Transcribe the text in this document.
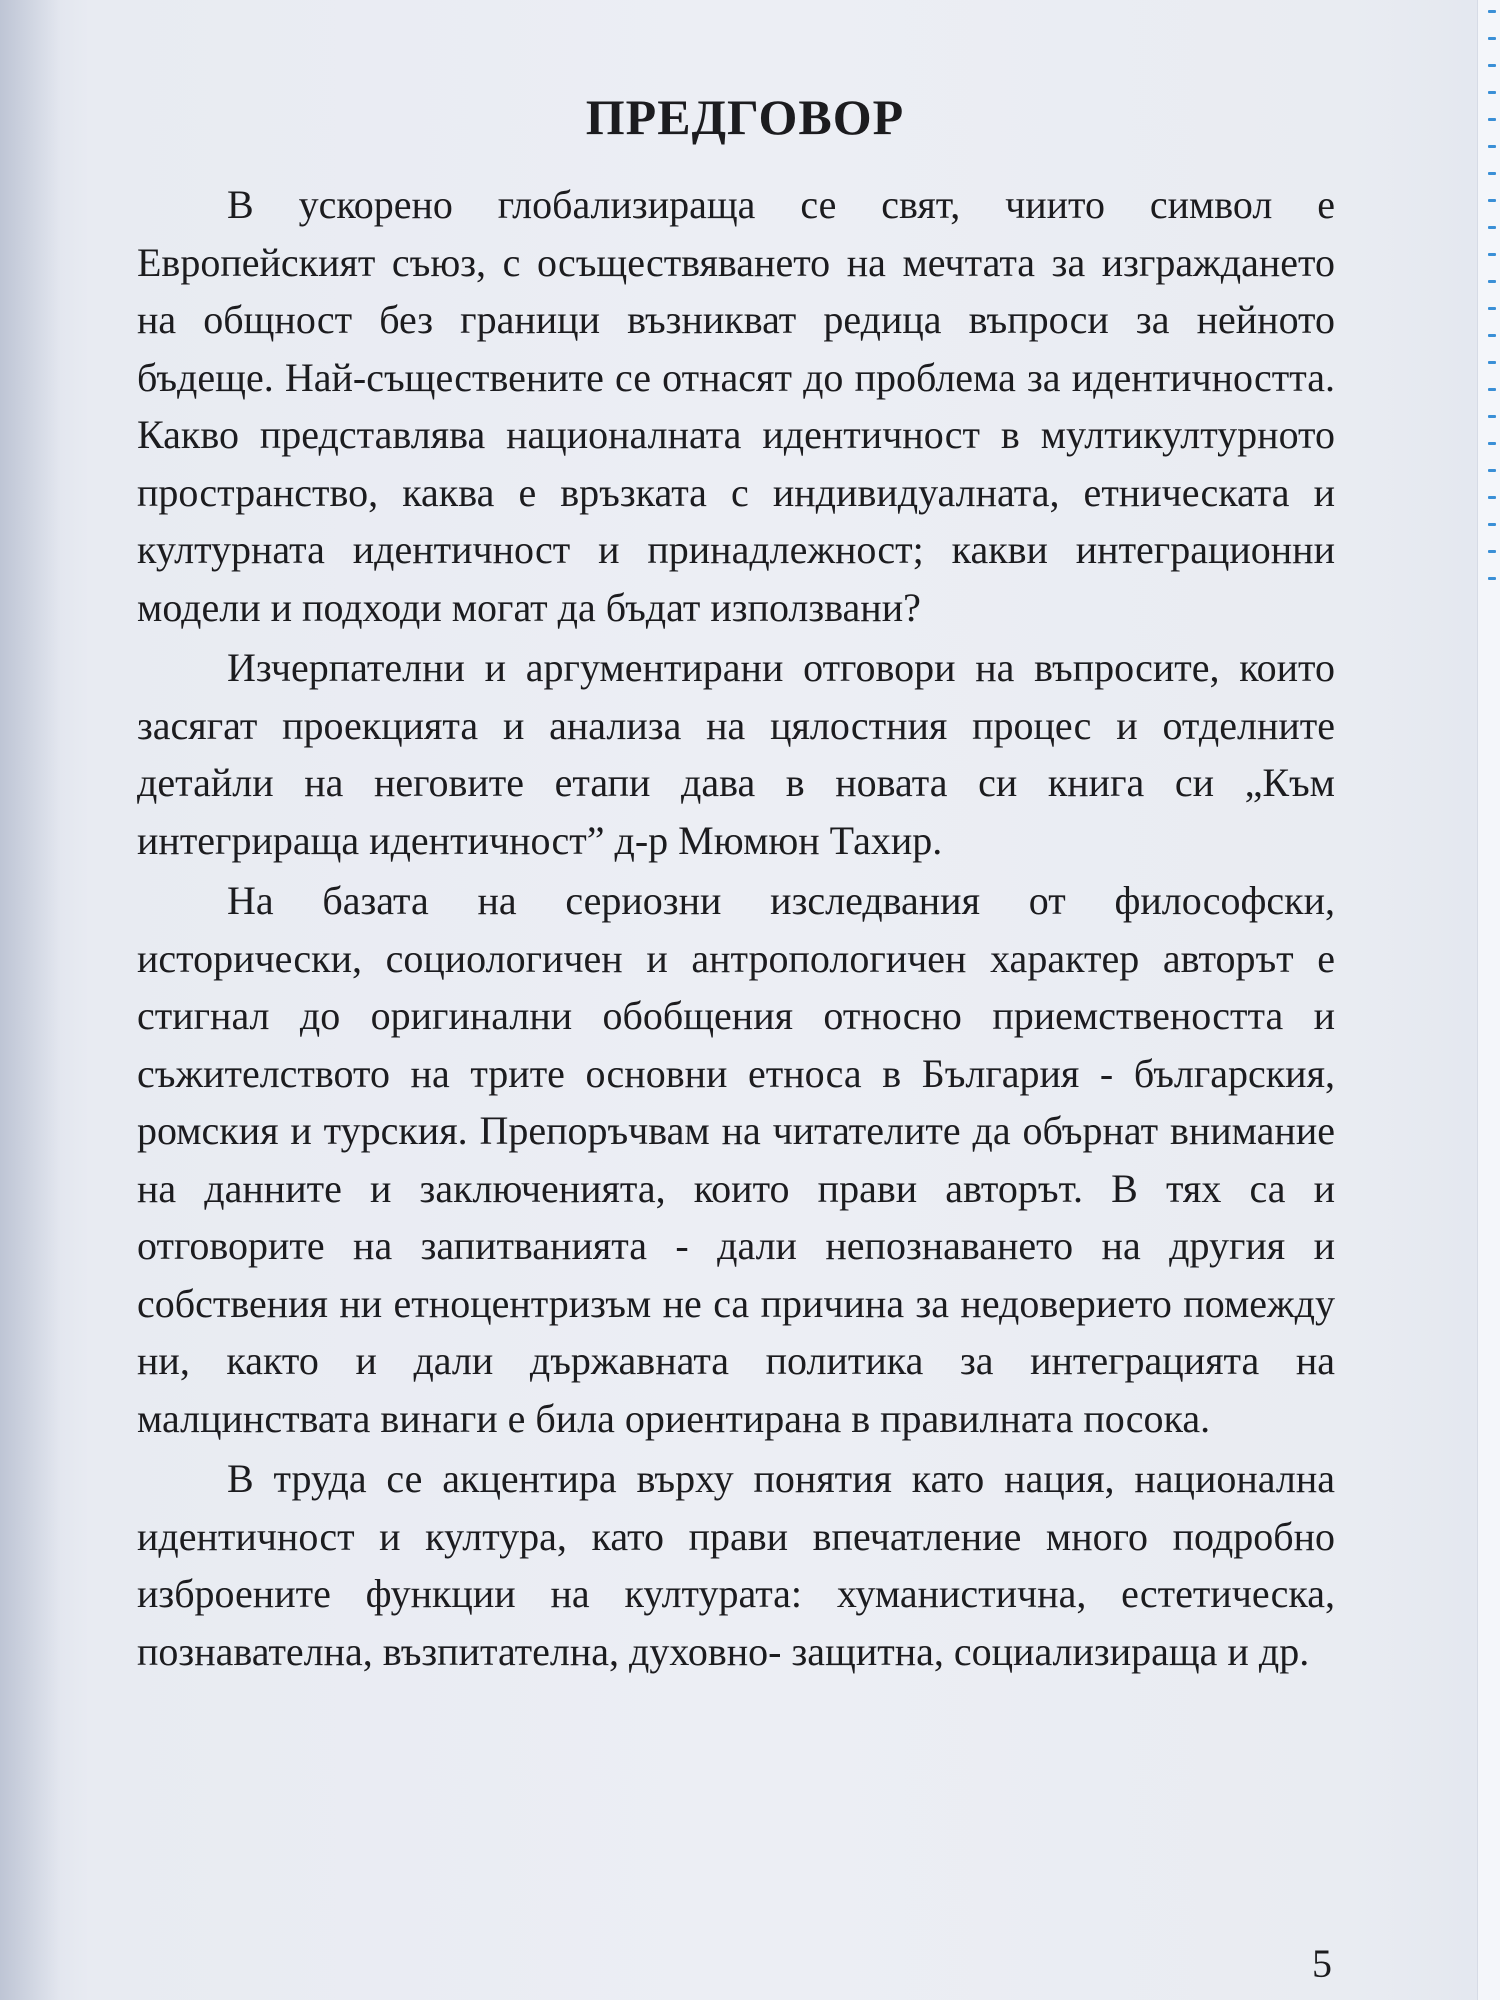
ПРЕДГОВОР

В ускорено глобализираща се свят, чиито символ е Европейският съюз, с осъществяването на мечтата за изграждането на общност без граници възникват редица въпроси за нейното бъдеще. Най-съществените се отнасят до проблема за идентичността. Какво представлява националната идентичност в мултикултурното пространство, каква е връзката с индивидуалната, етническата и културната идентичност и принадлежност; какви интеграционни модели и подходи могат да бъдат използвани?

Изчерпателни и аргументирани отговори на въпросите, които засягат проекцията и анализа на цялостния процес и отделните детайли на неговите етапи дава в новата си книга си „Към интегрираща идентичност” д-р Мюмюн Тахир.

На базата на сериозни изследвания от философски, исторически, социологичен и антропологичен характер авторът е стигнал до оригинални обобщения относно приемствеността и съжителството на трите основни етноса в България - българския, ромския и турския. Препоръчвам на читателите да обърнат внимание на данните и заключенията, които прави авторът. В тях са и отговорите на запитванията - дали непознаването на другия и собствения ни етноцентризъм не са причина за недоверието помежду ни, както и дали държавната политика за интеграцията на малцинствата винаги е била ориентирана в правилната посока.

В труда се акцентира върху понятия като нация, национална идентичност и култура, като прави впечатление много подробно изброените функции на културата: хуманистична, естетическа, познавателна, възпитателна, духовно- защитна, социализираща и др.

5
